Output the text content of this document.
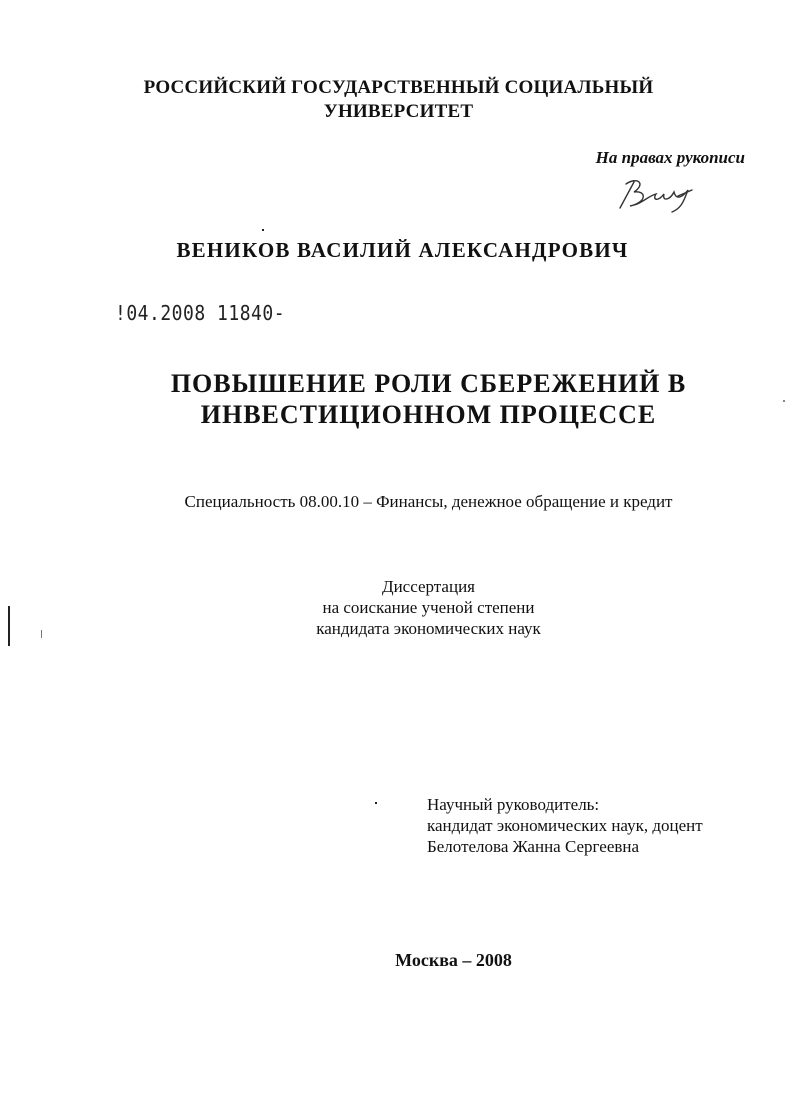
РОССИЙСКИЙ ГОСУДАРСТВЕННЫЙ СОЦИАЛЬНЫЙ
УНИВЕРСИТЕТ
На правах рукописи
ВЕНИКОВ ВАСИЛИЙ АЛЕКСАНДРОВИЧ
!04.2008 11840-
ПОВЫШЕНИЕ РОЛИ СБЕРЕЖЕНИЙ В
ИНВЕСТИЦИОННОМ ПРОЦЕССЕ
Специальность 08.00.10 – Финансы, денежное обращение и кредит
Диссертация
на соискание ученой степени
кандидата экономических наук
Научный руководитель:
кандидат экономических наук, доцент
Белотелова Жанна Сергеевна
Москва – 2008
